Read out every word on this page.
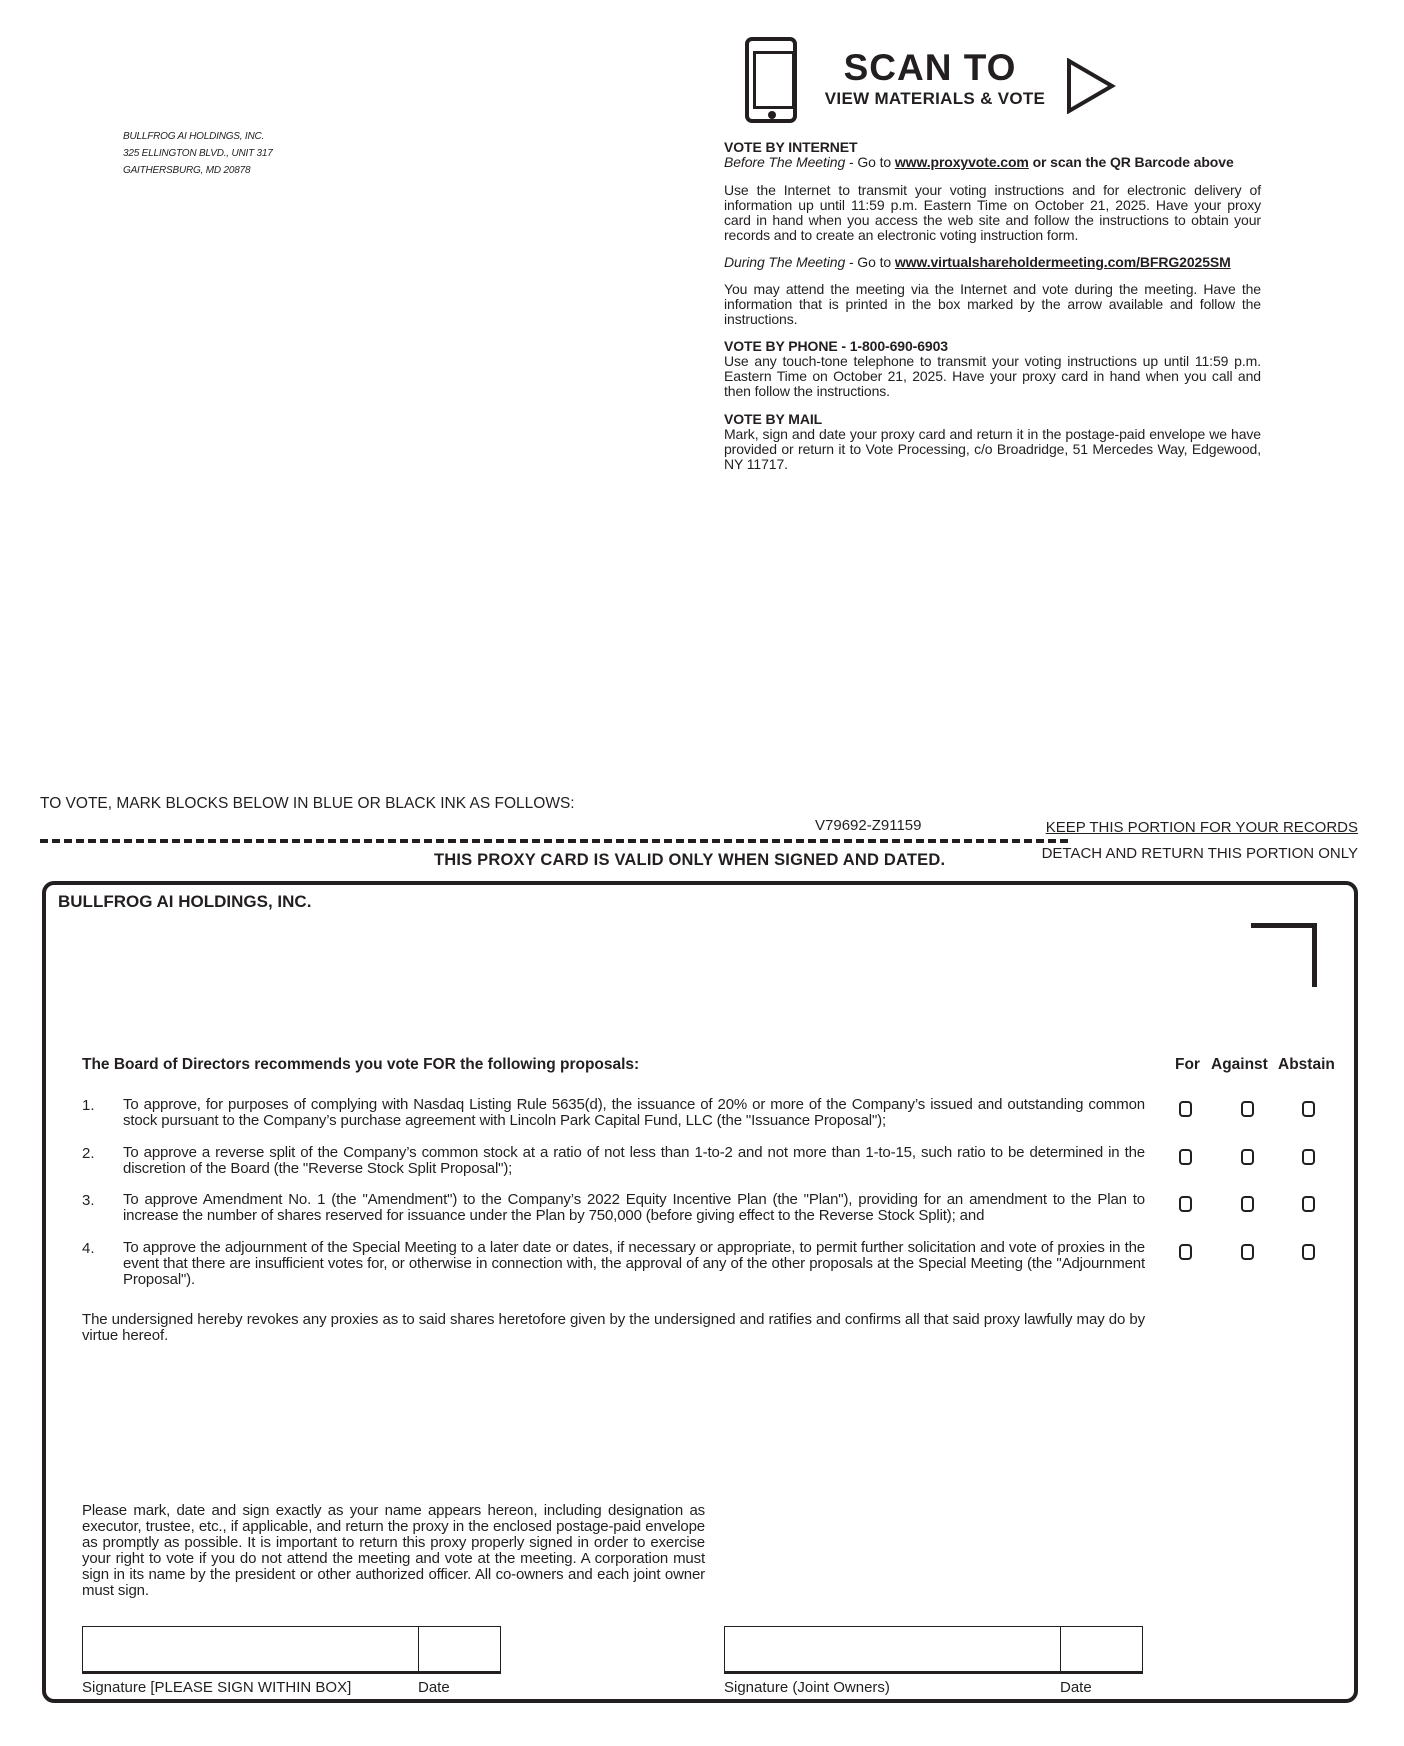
BULLFROG AI HOLDINGS, INC.
325 ELLINGTON BLVD., UNIT 317
GAITHERSBURG, MD 20878
SCAN TO
VIEW MATERIALS & VOTE
VOTE BY INTERNET
Before The Meeting - Go to www.proxyvote.com or scan the QR Barcode above
Use the Internet to transmit your voting instructions and for electronic delivery of information up until 11:59 p.m. Eastern Time on October 21, 2025. Have your proxy card in hand when you access the web site and follow the instructions to obtain your records and to create an electronic voting instruction form.
During The Meeting - Go to www.virtualshareholdermeeting.com/BFRG2025SM
You may attend the meeting via the Internet and vote during the meeting. Have the information that is printed in the box marked by the arrow available and follow the instructions.
VOTE BY PHONE - 1-800-690-6903
Use any touch-tone telephone to transmit your voting instructions up until 11:59 p.m. Eastern Time on October 21, 2025. Have your proxy card in hand when you call and then follow the instructions.
VOTE BY MAIL
Mark, sign and date your proxy card and return it in the postage-paid envelope we have provided or return it to Vote Processing, c/o Broadridge, 51 Mercedes Way, Edgewood, NY 11717.
TO VOTE, MARK BLOCKS BELOW IN BLUE OR BLACK INK AS FOLLOWS:
V79692-Z91159	KEEP THIS PORTION FOR YOUR RECORDS
DETACH AND RETURN THIS PORTION ONLY
THIS PROXY CARD IS VALID ONLY WHEN SIGNED AND DATED.
BULLFROG AI HOLDINGS, INC.
The Board of Directors recommends you vote FOR the following proposals:	For Against Abstain
1. To approve, for purposes of complying with Nasdaq Listing Rule 5635(d), the issuance of 20% or more of the Company’s issued and outstanding common stock pursuant to the Company’s purchase agreement with Lincoln Park Capital Fund, LLC (the "Issuance Proposal");
2. To approve a reverse split of the Company’s common stock at a ratio of not less than 1-to-2 and not more than 1-to-15, such ratio to be determined in the discretion of the Board (the "Reverse Stock Split Proposal");
3. To approve Amendment No. 1 (the "Amendment") to the Company’s 2022 Equity Incentive Plan (the "Plan"), providing for an amendment to the Plan to increase the number of shares reserved for issuance under the Plan by 750,000 (before giving effect to the Reverse Stock Split); and
4. To approve the adjournment of the Special Meeting to a later date or dates, if necessary or appropriate, to permit further solicitation and vote of proxies in the event that there are insufficient votes for, or otherwise in connection with, the approval of any of the other proposals at the Special Meeting (the "Adjournment Proposal").
The undersigned hereby revokes any proxies as to said shares heretofore given by the undersigned and ratifies and confirms all that said proxy lawfully may do by virtue hereof.
Please mark, date and sign exactly as your name appears hereon, including designation as executor, trustee, etc., if applicable, and return the proxy in the enclosed postage-paid envelope as promptly as possible. It is important to return this proxy properly signed in order to exercise your right to vote if you do not attend the meeting and vote at the meeting. A corporation must sign in its name by the president or other authorized officer. All co-owners and each joint owner must sign.
Signature [PLEASE SIGN WITHIN BOX]	Date	Signature (Joint Owners)	Date
